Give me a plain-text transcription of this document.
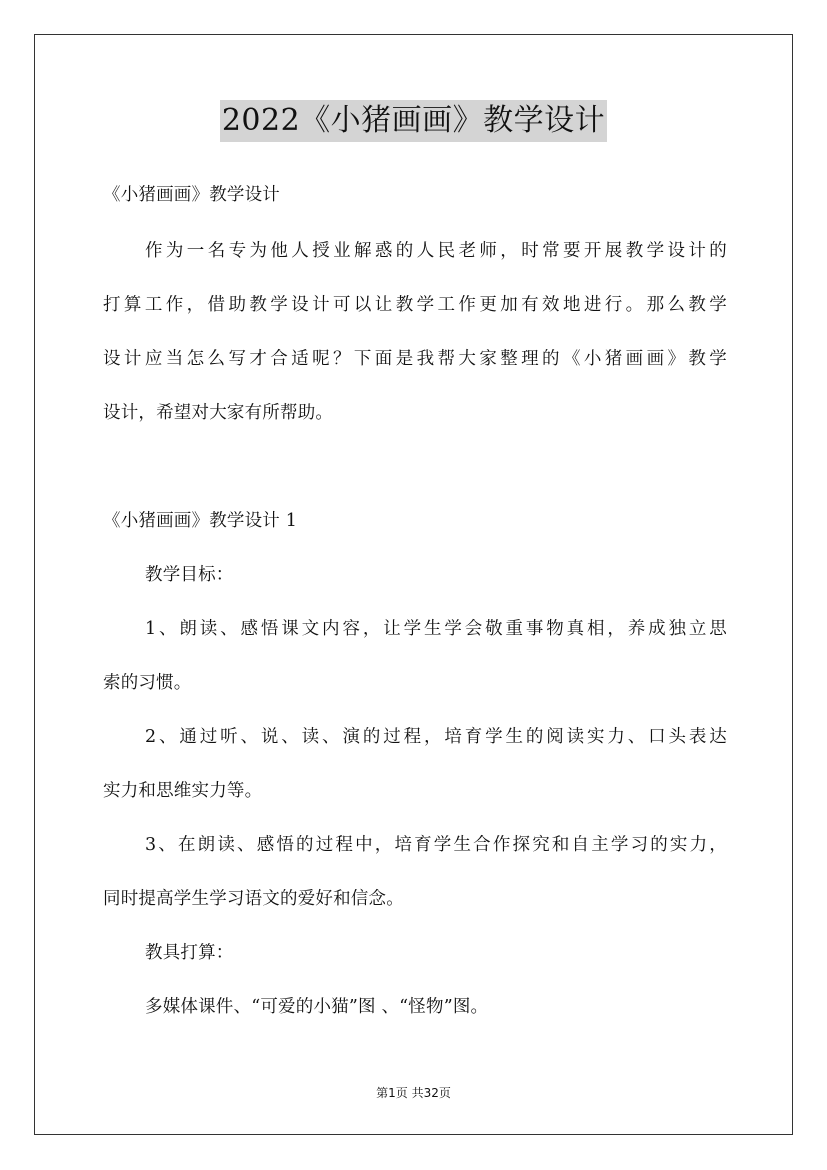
2022《小猪画画》教学设计
《小猪画画》教学设计
作为一名专为他人授业解惑的人民老师，时常要开展教学设计的
打算工作，借助教学设计可以让教学工作更加有效地进行。那么教学
设计应当怎么写才合适呢？下面是我帮大家整理的《小猪画画》教学
设计，希望对大家有所帮助。
《小猪画画》教学设计 1
教学目标：
1、朗读、感悟课文内容，让学生学会敬重事物真相，养成独立思
索的习惯。
2、通过听、说、读、演的过程，培育学生的阅读实力、口头表达
实力和思维实力等。
3、在朗读、感悟的过程中，培育学生合作探究和自主学习的实力，
同时提高学生学习语文的爱好和信念。
教具打算：
多媒体课件、“可爱的小猫”图 、“怪物”图。
第1页 共32页
